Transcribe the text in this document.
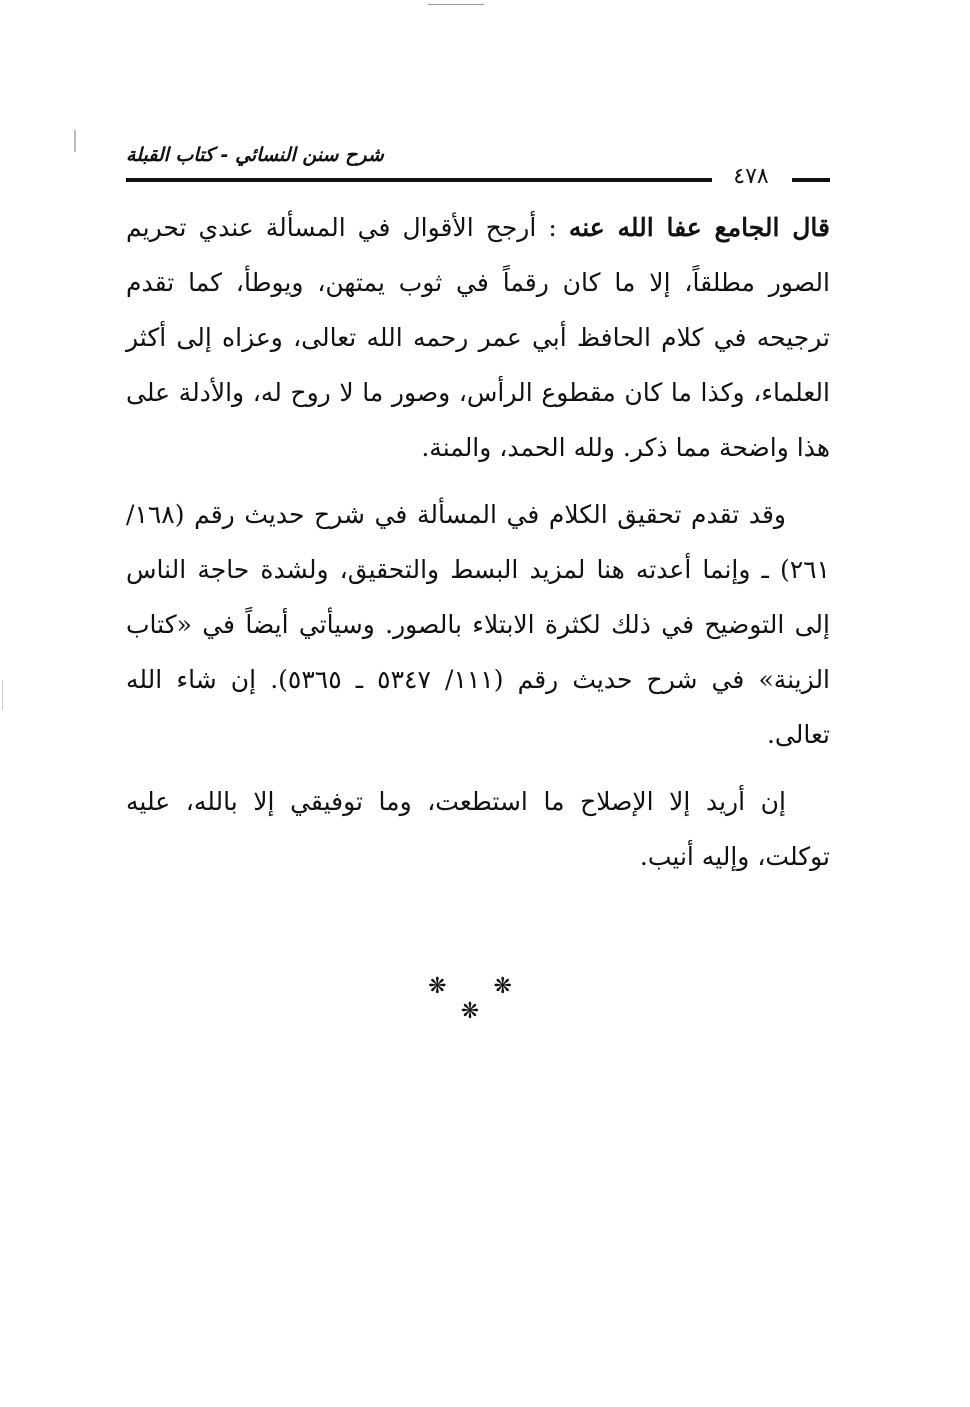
شرح سنن النسائي - كتاب القبلة
٤٧٨

قال الجامع عفا الله عنه : أرجح الأقوال في المسألة عندي تحريم الصور مطلقاً، إلا ما كان رقماً في ثوب يمتهن، ويوطأ، كما تقدم ترجيحه في كلام الحافظ أبي عمر رحمه الله تعالى، وعزاه إلى أكثر العلماء، وكذا ما كان مقطوع الرأس، وصور ما لا روح له، والأدلة على هذا واضحة مما ذكر. ولله الحمد، والمنة.

وقد تقدم تحقيق الكلام في المسألة في شرح حديث رقم (١٦٨/ ٢٦١) ـ وإنما أعدته هنا لمزيد البسط والتحقيق، ولشدة حاجة الناس إلى التوضيح في ذلك لكثرة الابتلاء بالصور. وسيأتي أيضاً في «كتاب الزينة» في شرح حديث رقم (١١١/ ٥٣٤٧ ـ ٥٣٦٥). إن شاء الله تعالى.

إن أريد إلا الإصلاح ما استطعت، وما توفيقي إلا بالله، عليه توكلت، وإليه أنيب.

❋ ❋ ❋
